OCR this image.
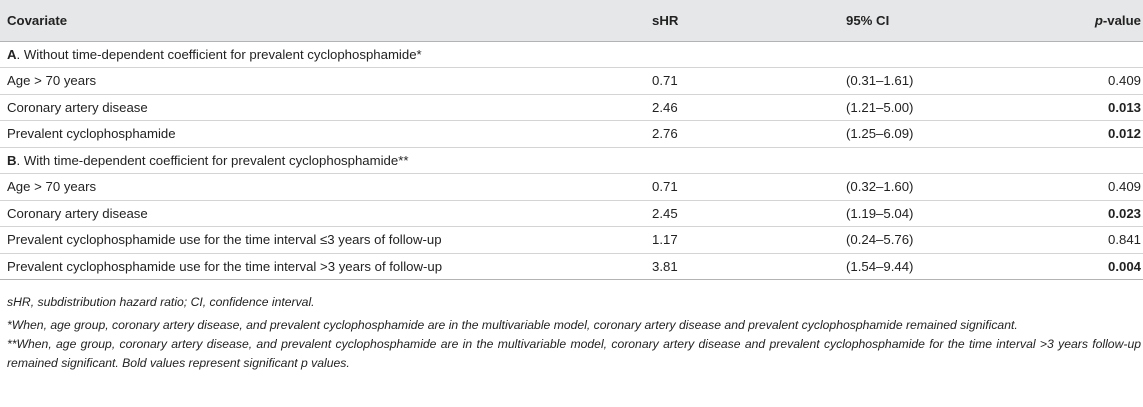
Covariate	sHR	95% CI	p-value
A. Without time-dependent coefficient for prevalent cyclophosphamide*			
Age > 70 years	0.71	(0.31–1.61)	0.409
Coronary artery disease	2.46	(1.21–5.00)	0.013
Prevalent cyclophosphamide	2.76	(1.25–6.09)	0.012
B. With time-dependent coefficient for prevalent cyclophosphamide**			
Age > 70 years	0.71	(0.32–1.60)	0.409
Coronary artery disease	2.45	(1.19–5.04)	0.023
Prevalent cyclophosphamide use for the time interval ≤3 years of follow-up	1.17	(0.24–5.76)	0.841
Prevalent cyclophosphamide use for the time interval >3 years of follow-up	3.81	(1.54–9.44)	0.004

sHR, subdistribution hazard ratio; CI, confidence interval.

*When, age group, coronary artery disease, and prevalent cyclophosphamide are in the multivariable model, coronary artery disease and prevalent cyclophosphamide remained significant.

**When, age group, coronary artery disease, and prevalent cyclophosphamide are in the multivariable model, coronary artery disease and prevalent cyclophosphamide for the time interval >3 years follow-up remained significant. Bold values represent significant p values.
